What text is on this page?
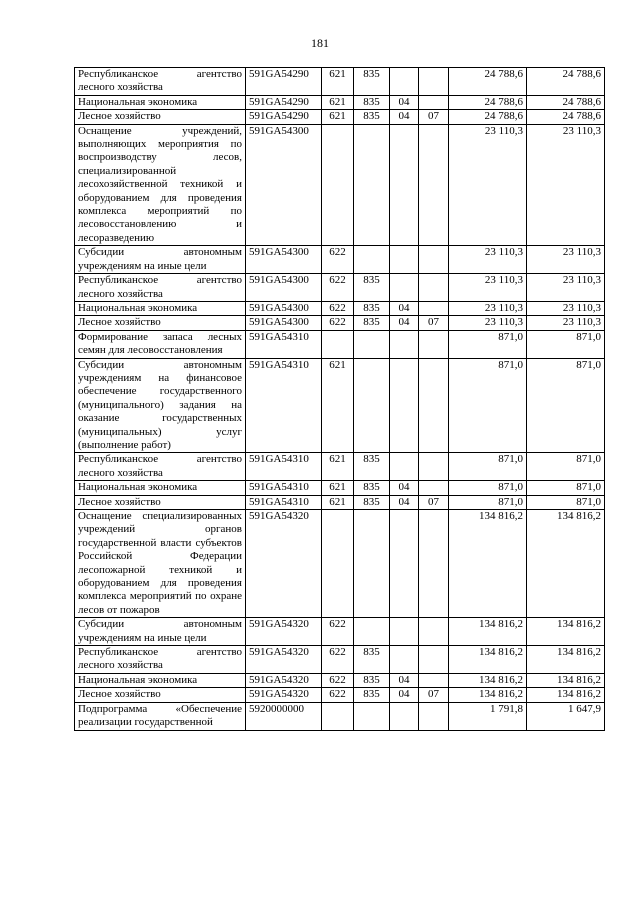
181
Республиканское агентство лесного хозяйства	591GA54290	621	835			24 788,6	24 788,6
Национальная экономика	591GA54290	621	835	04		24 788,6	24 788,6
Лесное хозяйство	591GA54290	621	835	04	07	24 788,6	24 788,6
Оснащение учреждений, выполняющих мероприятия по воспроизводству лесов, специализированной лесохозяйственной техникой и оборудованием для проведения комплекса мероприятий по лесовосстановлению и лесоразведению	591GA54300					23 110,3	23 110,3
Субсидии автономным учреждениям на иные цели	591GA54300	622				23 110,3	23 110,3
Республиканское агентство лесного хозяйства	591GA54300	622	835			23 110,3	23 110,3
Национальная экономика	591GA54300	622	835	04		23 110,3	23 110,3
Лесное хозяйство	591GA54300	622	835	04	07	23 110,3	23 110,3
Формирование запаса лесных семян для лесовосстановления	591GA54310					871,0	871,0
Субсидии автономным учреждениям на финансовое обеспечение государственного (муниципального) задания на оказание государственных (муниципальных) услуг (выполнение работ)	591GA54310	621				871,0	871,0
Республиканское агентство лесного хозяйства	591GA54310	621	835			871,0	871,0
Национальная экономика	591GA54310	621	835	04		871,0	871,0
Лесное хозяйство	591GA54310	621	835	04	07	871,0	871,0
Оснащение специализированных учреждений органов государственной власти субъектов Российской Федерации лесопожарной техникой и оборудованием для проведения комплекса мероприятий по охране лесов от пожаров	591GA54320					134 816,2	134 816,2
Субсидии автономным учреждениям на иные цели	591GA54320	622				134 816,2	134 816,2
Республиканское агентство лесного хозяйства	591GA54320	622	835			134 816,2	134 816,2
Национальная экономика	591GA54320	622	835	04		134 816,2	134 816,2
Лесное хозяйство	591GA54320	622	835	04	07	134 816,2	134 816,2
Подпрограмма «Обеспечение реализации государственной	5920000000					1 791,8	1 647,9
